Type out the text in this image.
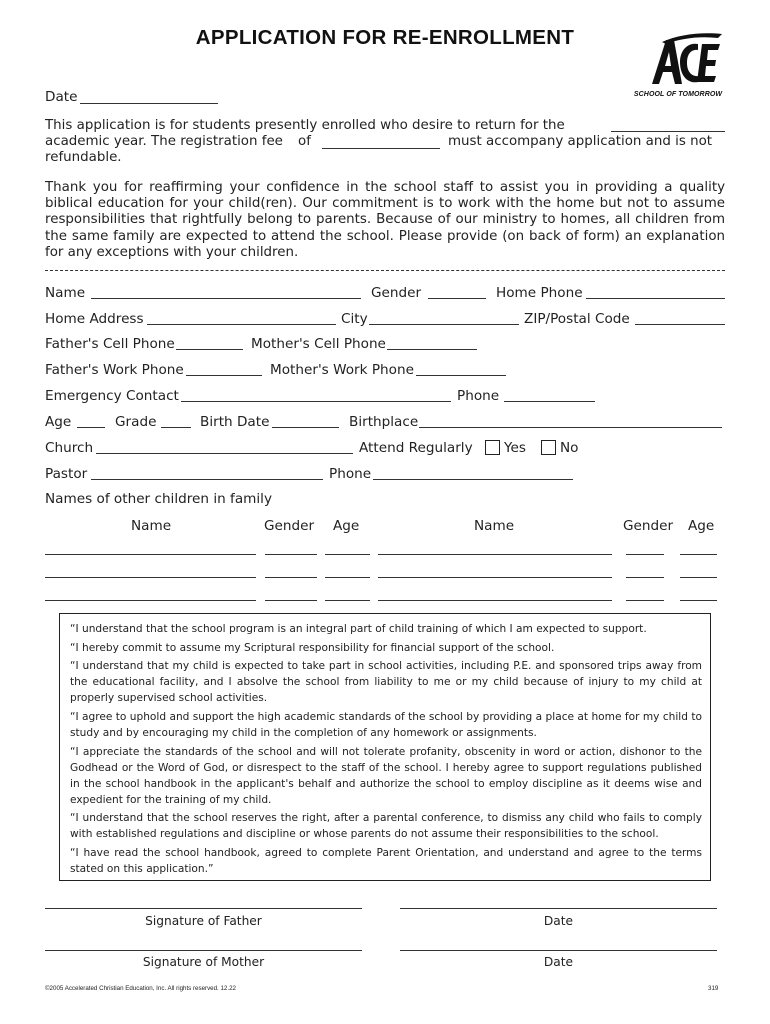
APPLICATION FOR RE-ENROLLMENT
SCHOOL OF TOMORROW
Date
This application is for students presently enrolled who desire to return for the
academic year. The registration fee of	must accompany application and is not
refundable.
Thank you for reaffirming your confidence in the school staff to assist you in providing a quality biblical education for your child(ren). Our commitment is to work with the home but not to assume responsibilities that rightfully belong to parents. Because of our ministry to homes, all children from the same family are expected to attend the school. Please provide (on back of form) an explanation for any exceptions with your children.
Name	Gender	Home Phone
Home Address	City	ZIP/Postal Code
Father's Cell Phone	Mother's Cell Phone
Father's Work Phone	Mother's Work Phone
Emergency Contact	Phone
Age	Grade	Birth Date	Birthplace
Church	Attend Regularly Yes	No
Pastor	Phone
Names of other children in family
Name	Gender Age	Name	Gender Age
“I understand that the school program is an integral part of child training of which I am expected to support.
“I hereby commit to assume my Scriptural responsibility for financial support of the school.
“I understand that my child is expected to take part in school activities, including P.E. and sponsored trips away from the educational facility, and I absolve the school from liability to me or my child because of injury to my child at properly supervised school activities.
“I agree to uphold and support the high academic standards of the school by providing a place at home for my child to study and by encouraging my child in the completion of any homework or assignments.
“I appreciate the standards of the school and will not tolerate profanity, obscenity in word or action, dishonor to the Godhead or the Word of God, or disrespect to the staff of the school. I hereby agree to support regulations published in the school handbook in the applicant's behalf and authorize the school to employ discipline as it deems wise and expedient for the training of my child.
“I understand that the school reserves the right, after a parental conference, to dismiss any child who fails to comply with established regulations and discipline or whose parents do not assume their responsibilities to the school.
“I have read the school handbook, agreed to complete Parent Orientation, and understand and agree to the terms stated on this application.”
Signature of Father	Date
Signature of Mother	Date
©2005 Accelerated Christian Education, Inc. All rights reserved. 12.22	319
